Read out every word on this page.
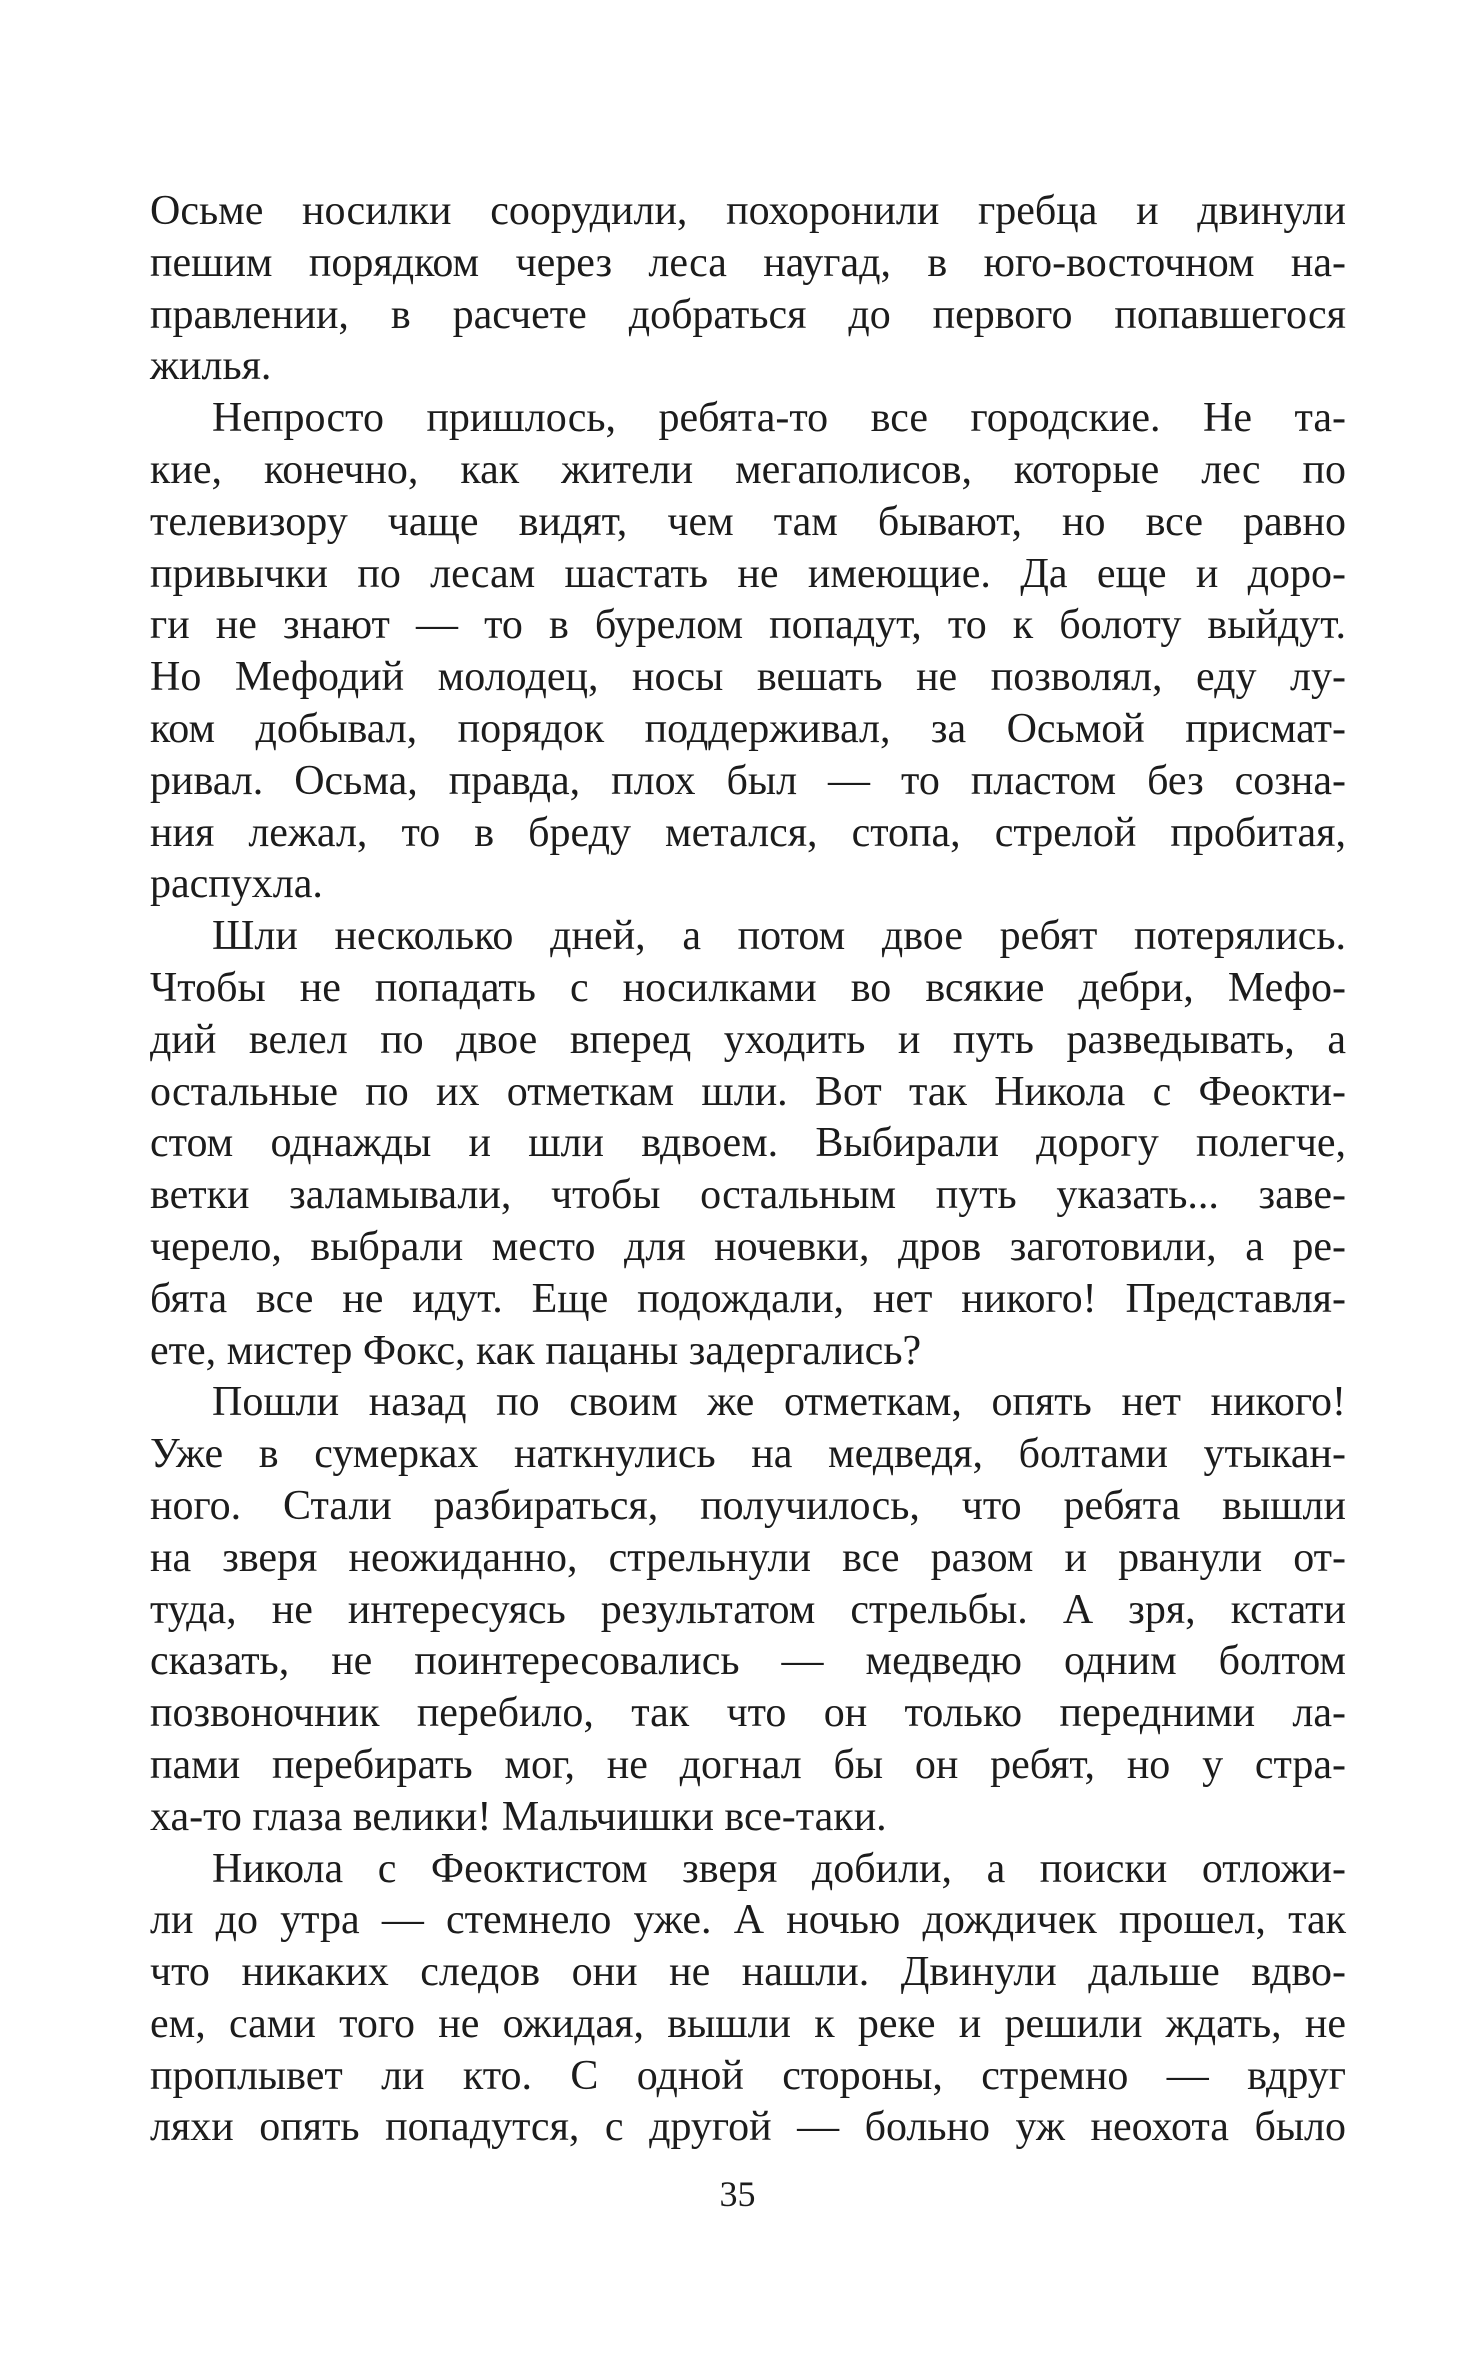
Осьме носилки соорудили, похоронили гребца и двинули
пешим порядком через леса наугад, в юго-восточном на-
правлении, в расчете добраться до первого попавшегося
жилья.
Непросто пришлось, ребята-то все городские. Не та-
кие, конечно, как жители мегаполисов, которые лес по
телевизору чаще видят, чем там бывают, но все равно
привычки по лесам шастать не имеющие. Да еще и доро-
ги не знают — то в бурелом попадут, то к болоту выйдут.
Но Мефодий молодец, носы вешать не позволял, еду лу-
ком добывал, порядок поддерживал, за Осьмой присмат-
ривал. Осьма, правда, плох был — то пластом без созна-
ния лежал, то в бреду метался, стопа, стрелой пробитая,
распухла.
Шли несколько дней, а потом двое ребят потерялись.
Чтобы не попадать с носилками во всякие дебри, Мефо-
дий велел по двое вперед уходить и путь разведывать, а
остальные по их отметкам шли. Вот так Никола с Феокти-
стом однажды и шли вдвоем. Выбирали дорогу полегче,
ветки заламывали, чтобы остальным путь указать... заве-
черело, выбрали место для ночевки, дров заготовили, а ре-
бята все не идут. Еще подождали, нет никого! Представля-
ете, мистер Фокс, как пацаны задергались?
Пошли назад по своим же отметкам, опять нет никого!
Уже в сумерках наткнулись на медведя, болтами утыкан-
ного. Стали разбираться, получилось, что ребята вышли
на зверя неожиданно, стрельнули все разом и рванули от-
туда, не интересуясь результатом стрельбы. А зря, кстати
сказать, не поинтересовались — медведю одним болтом
позвоночник перебило, так что он только передними ла-
пами перебирать мог, не догнал бы он ребят, но у стра-
ха-то глаза велики! Мальчишки все-таки.
Никола с Феоктистом зверя добили, а поиски отложи-
ли до утра — стемнело уже. А ночью дождичек прошел, так
что никаких следов они не нашли. Двинули дальше вдво-
ем, сами того не ожидая, вышли к реке и решили ждать, не
проплывет ли кто. С одной стороны, стремно — вдруг
ляхи опять попадутся, с другой — больно уж неохота было
35
